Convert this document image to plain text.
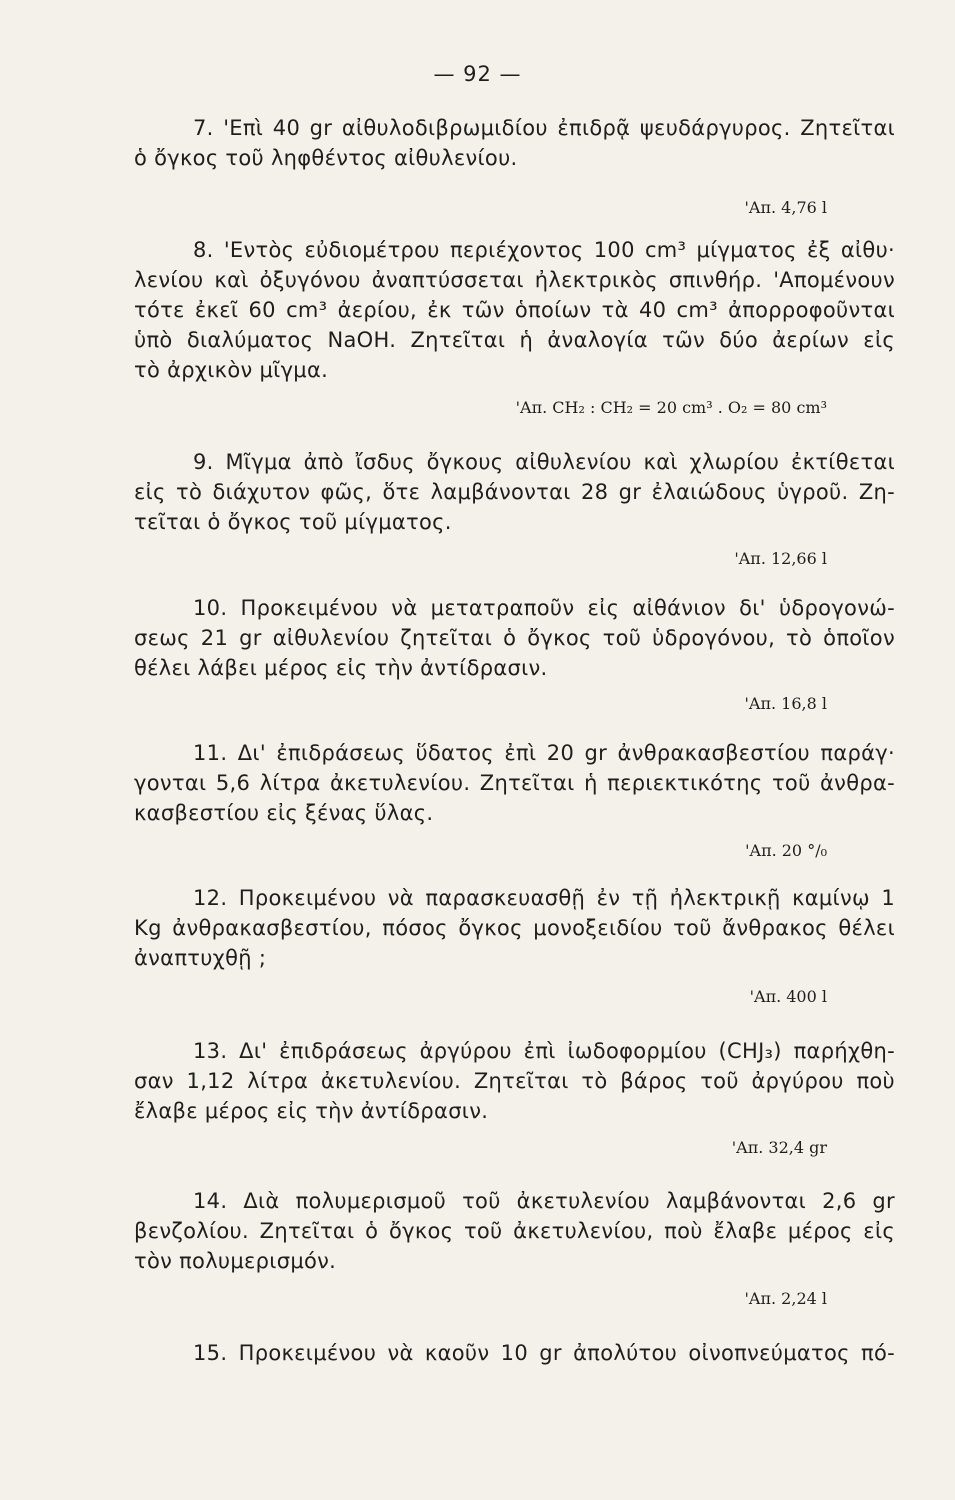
— 92 —
7. 'Επὶ 40 gr αἰθυλοδιβρωμιδίου ἐπιδρᾷ ψευδάργυρος. Ζητεῖται
ὁ ὄγκος τοῦ ληφθέντος αἰθυλενίου.
'Απ. 4,76 l
8. 'Εντὸς εὐδιομέτρου περιέχοντος 100 cm³ μίγματος ἐξ αἰθυ·
λενίου καὶ ὀξυγόνου ἀναπτύσσεται ἠλεκτρικὸς σπινθήρ. 'Απομένουν
τότε ἐκεῖ 60 cm³ ἀερίου, ἐκ τῶν ὁποίων τὰ 40 cm³ ἀπορροφοῦνται
ὑπὸ διαλύματος NaOH. Ζητεῖται ἡ ἀναλογία τῶν δύο ἀερίων εἰς
τὸ ἀρχικὸν μῖγμα.
'Απ. CH₂ : CH₂ = 20 cm³ . O₂ = 80 cm³
9. Μῖγμα ἀπὸ ἴσδυς ὄγκους αἰθυλενίου καὶ χλωρίου ἐκτίθεται
εἰς τὸ διάχυτον φῶς, ὅτε λαμβάνονται 28 gr ἐλαιώδους ὑγροῦ. Ζη-
τεῖται ὁ ὄγκος τοῦ μίγματος.
'Απ. 12,66 l
10. Προκειμένου νὰ μετατραποῦν εἰς αἰθάνιον δι' ὑδρογονώ-
σεως 21 gr αἰθυλενίου ζητεῖται ὁ ὄγκος τοῦ ὑδρογόνου, τὸ ὁποῖον
θέλει λάβει μέρος εἰς τὴν ἀντίδρασιν.
'Απ. 16,8 l
11. Δι' ἐπιδράσεως ὕδατος ἐπὶ 20 gr ἀνθρακασβεστίου παράγ·
γονται 5,6 λίτρα ἀκετυλενίου. Ζητεῖται ἡ περιεκτικότης τοῦ ἀνθρα-
κασβεστίου εἰς ξένας ὕλας.
'Απ. 20 °/₀
12. Προκειμένου νὰ παρασκευασθῇ ἐν τῇ ἠλεκτρικῇ καμίνῳ 1
Kg ἀνθρακασβεστίου, πόσος ὄγκος μονοξειδίου τοῦ ἄνθρακος θέλει
ἀναπτυχθῇ ;
'Απ. 400 l
13. Δι' ἐπιδράσεως ἀργύρου ἐπὶ ἰωδοφορμίου (CHJ₃) παρήχθη-
σαν 1,12 λίτρα ἀκετυλενίου. Ζητεῖται τὸ βάρος τοῦ ἀργύρου ποὺ
ἔλαβε μέρος εἰς τὴν ἀντίδρασιν.
'Απ. 32,4 gr
14. Διὰ πολυμερισμοῦ τοῦ ἀκετυλενίου λαμβάνονται 2,6 gr
βενζολίου. Ζητεῖται ὁ ὄγκος τοῦ ἀκετυλενίου, ποὺ ἔλαβε μέρος εἰς
τὸν πολυμερισμόν.
'Απ. 2,24 l
15. Προκειμένου νὰ καοῦν 10 gr ἀπολύτου οἰνοπνεύματος πό-
